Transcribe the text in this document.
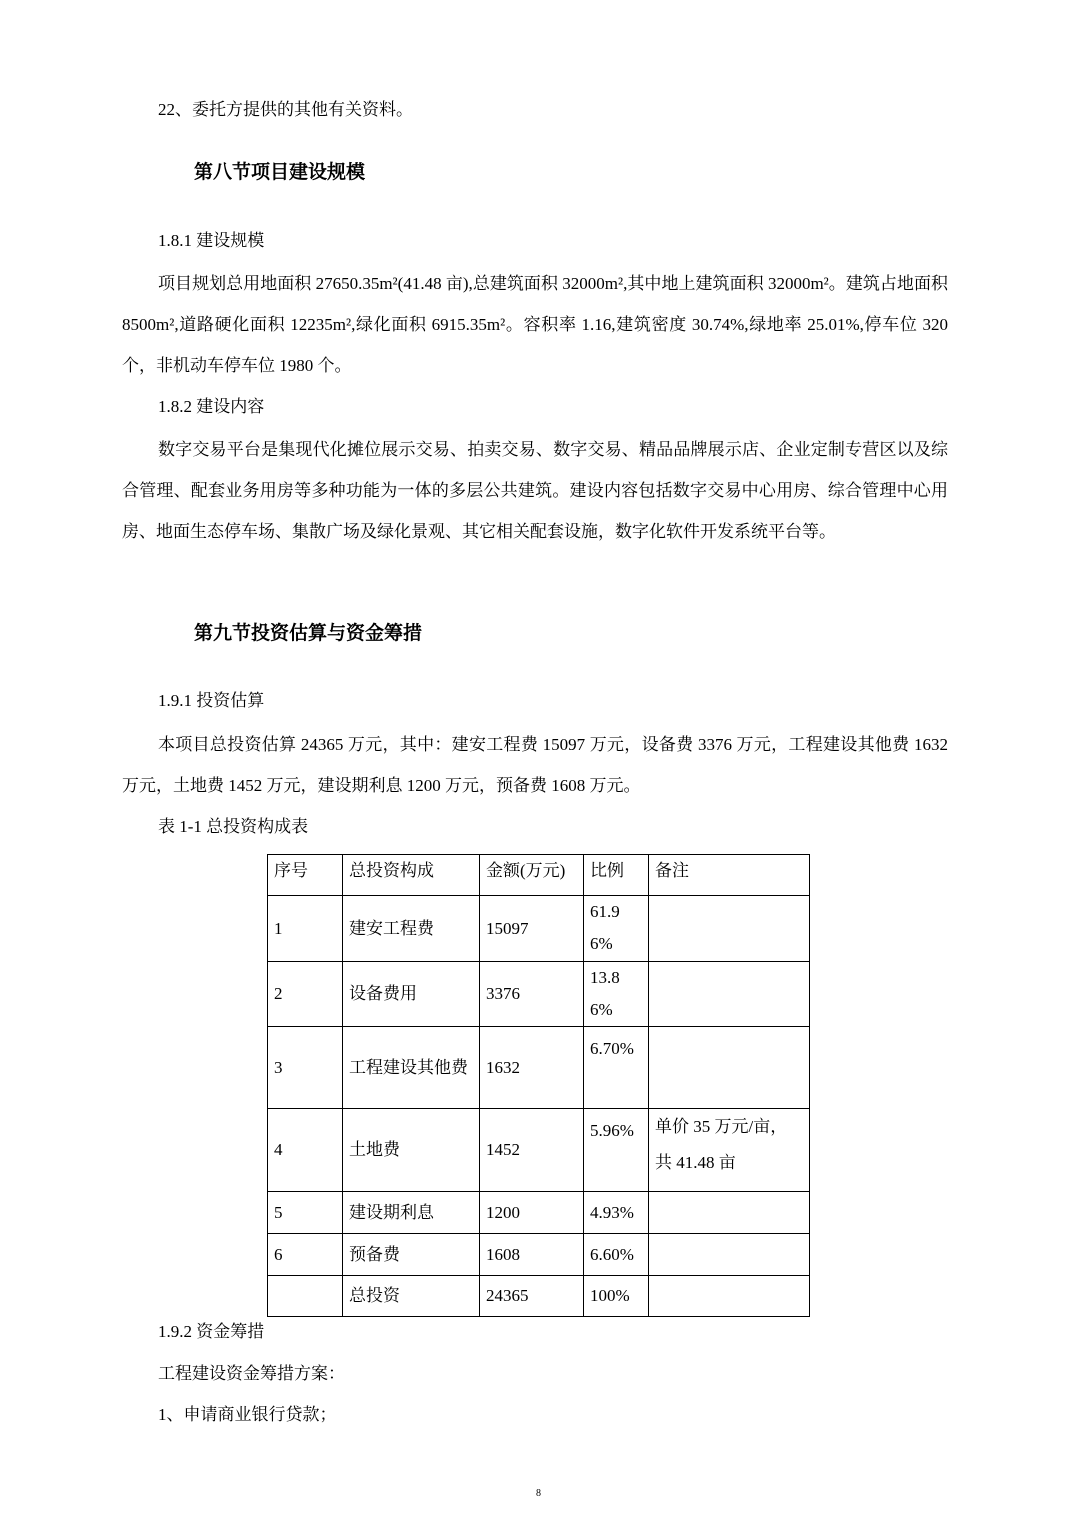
22、委托方提供的其他有关资料。
第八节项目建设规模
1.8.1 建设规模
项目规划总用地面积 27650.35m²(41.48 亩),总建筑面积 32000m²,其中地上建筑面积 32000m²。建筑占地面积 8500m²,道路硬化面积 12235m²,绿化面积 6915.35m²。容积率 1.16,建筑密度 30.74%,绿地率 25.01%,停车位 320 个，非机动车停车位 1980 个。
1.8.2 建设内容
数字交易平台是集现代化摊位展示交易、拍卖交易、数字交易、精品品牌展示店、企业定制专营区以及综合管理、配套业务用房等多种功能为一体的多层公共建筑。建设内容包括数字交易中心用房、综合管理中心用房、地面生态停车场、集散广场及绿化景观、其它相关配套设施，数字化软件开发系统平台等。
第九节投资估算与资金筹措
1.9.1 投资估算
本项目总投资估算 24365 万元，其中：建安工程费 15097 万元，设备费 3376 万元，工程建设其他费 1632 万元，土地费 1452 万元，建设期利息 1200 万元，预备费 1608 万元。
表 1-1 总投资构成表
序号	总投资构成	金额(万元)	比例	备注
1	建安工程费	15097	61.96%	
2	设备费用	3376	13.86%	
3	工程建设其他费	1632	6.70%	
4	土地费	1452	5.96%	单价 35 万元/亩，共 41.48 亩
5	建设期利息	1200	4.93%	
6	预备费	1608	6.60%	
	总投资	24365	100%	
1.9.2 资金筹措
工程建设资金筹措方案：
1、申请商业银行贷款；
8
